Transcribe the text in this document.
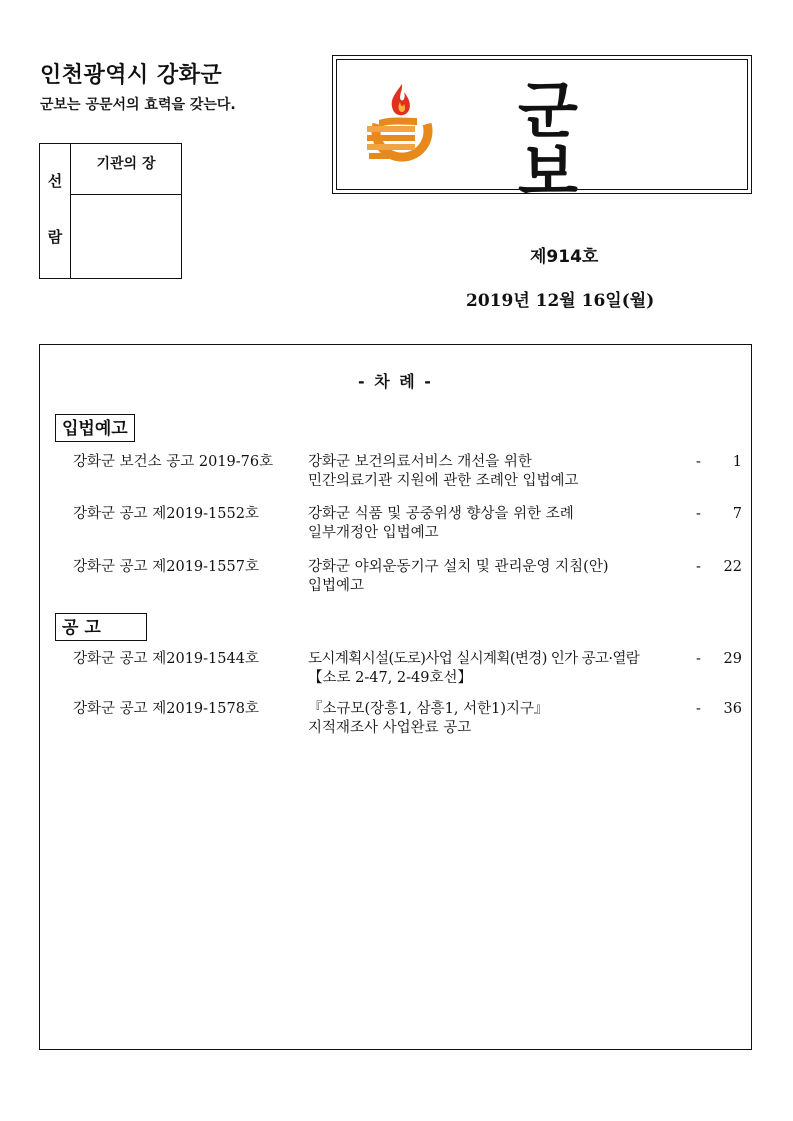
인천광역시 강화군
군보는 공문서의 효력을 갖는다.
선
람
기관의 장
군 보
제914호
2019년 12월 16일(월)
- 차 례 -
입법예고
강화군 보건소 공고 2019-76호 강화군 보건의료서비스 개선을 위한
민간의료기관 지원에 관한 조례안 입법예고
- 1
강화군 공고 제2019-1552호	강화군 식품 및 공중위생 향상을 위한 조례
일부개정안 입법예고
- 7
강화군 공고 제2019-1557호	강화군 야외운동기구 설치 및 관리운영 지침(안)
입법예고
- 22
공 고
강화군 공고 제2019-1544호	도시계획시설(도로)사업 실시계획(변경) 인가 공고·열람
【소로 2-47, 2-49호선】
- 29
강화군 공고 제2019-1578호	『소규모(장흥1, 삼흥1, 서한1)지구』
지적재조사 사업완료 공고
- 36
